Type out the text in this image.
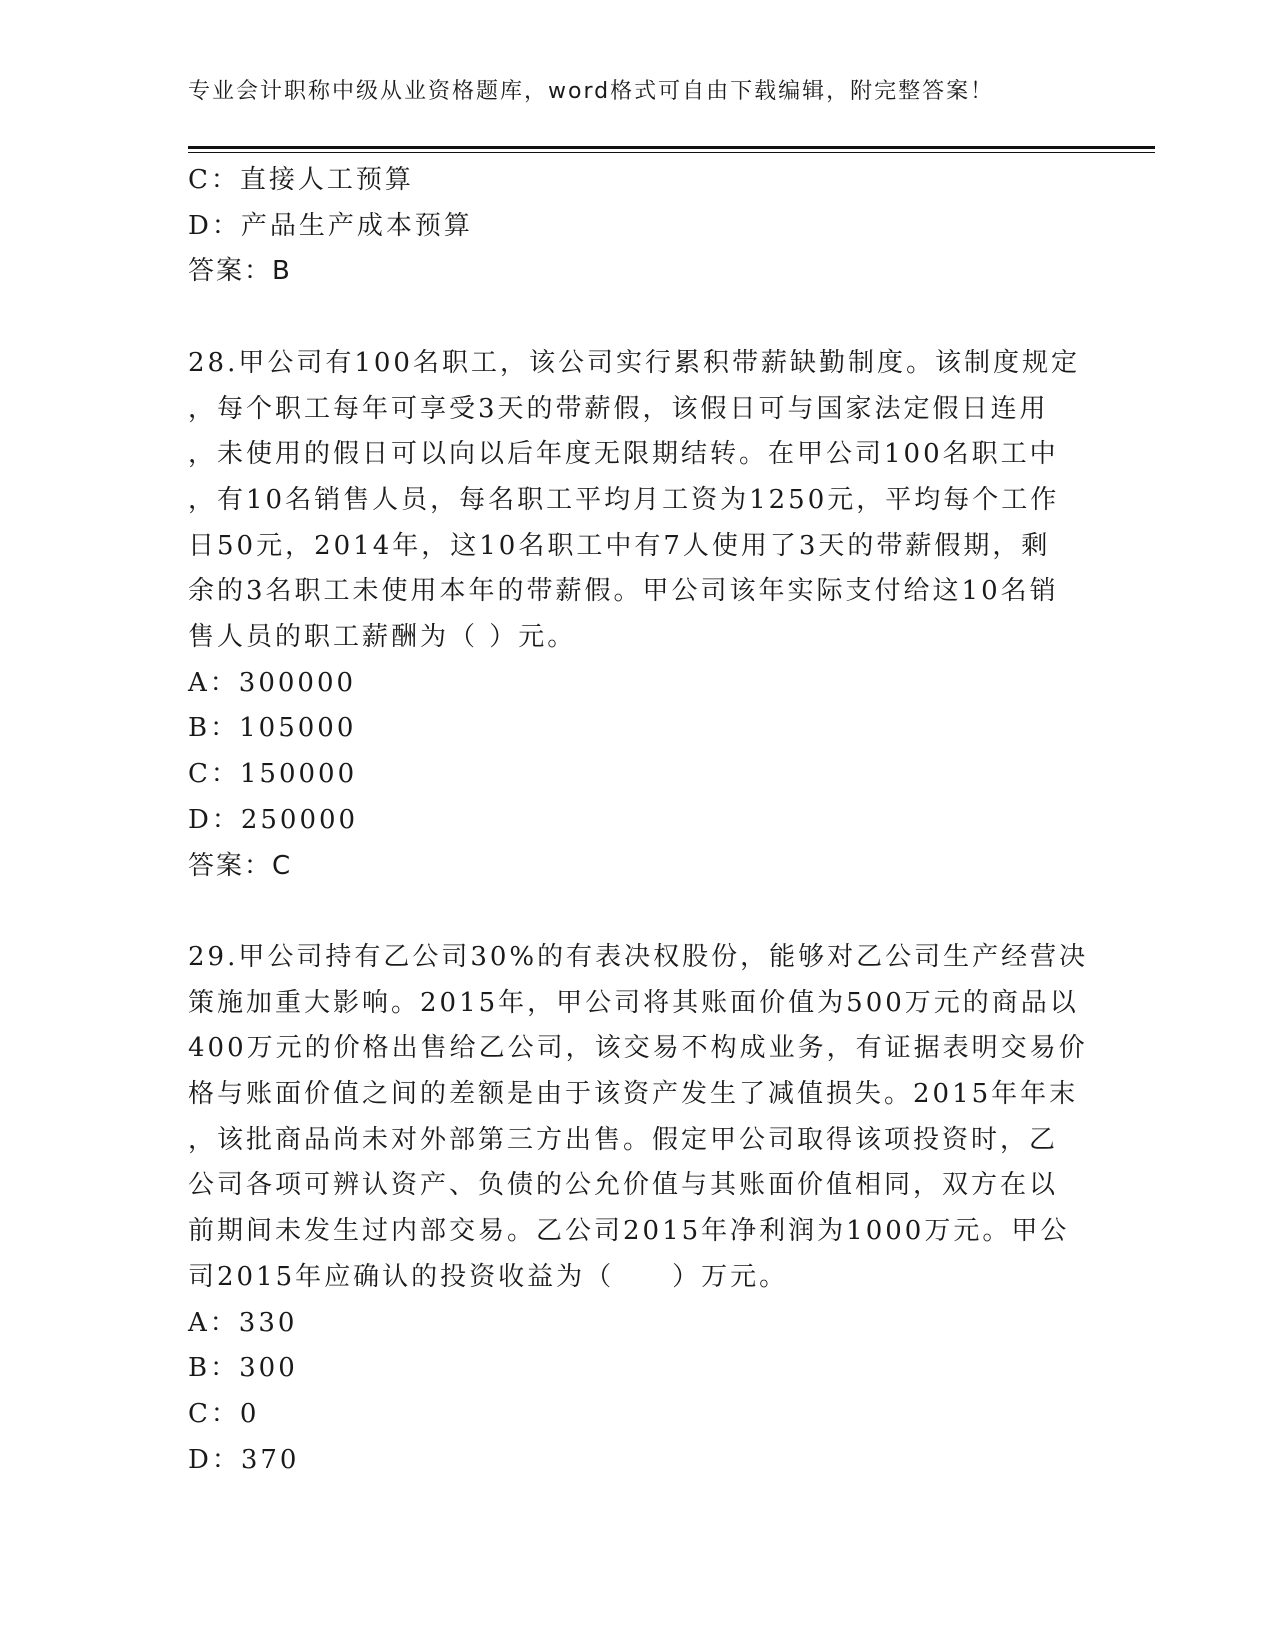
专业会计职称中级从业资格题库，word格式可自由下载编辑，附完整答案！

C：直接人工预算

D：产品生产成本预算

答案：B

28.甲公司有100名职工，该公司实行累积带薪缺勤制度。该制度规定

，每个职工每年可享受3天的带薪假，该假日可与国家法定假日连用

，未使用的假日可以向以后年度无限期结转。在甲公司100名职工中

，有10名销售人员，每名职工平均月工资为1250元，平均每个工作

日50元，2014年，这10名职工中有7人使用了3天的带薪假期，剩

余的3名职工未使用本年的带薪假。甲公司该年实际支付给这10名销

售人员的职工薪酬为（ ）元。

A：300000

B：105000

C：150000

D：250000

答案：C

29.甲公司持有乙公司30%的有表决权股份，能够对乙公司生产经营决

策施加重大影响。2015年，甲公司将其账面价值为500万元的商品以

400万元的价格出售给乙公司，该交易不构成业务，有证据表明交易价

格与账面价值之间的差额是由于该资产发生了减值损失。2015年年末

，该批商品尚未对外部第三方出售。假定甲公司取得该项投资时，乙

公司各项可辨认资产、负债的公允价值与其账面价值相同，双方在以

前期间未发生过内部交易。乙公司2015年净利润为1000万元。甲公

司2015年应确认的投资收益为（　　）万元。

A：330

B：300

C：0

D：370
